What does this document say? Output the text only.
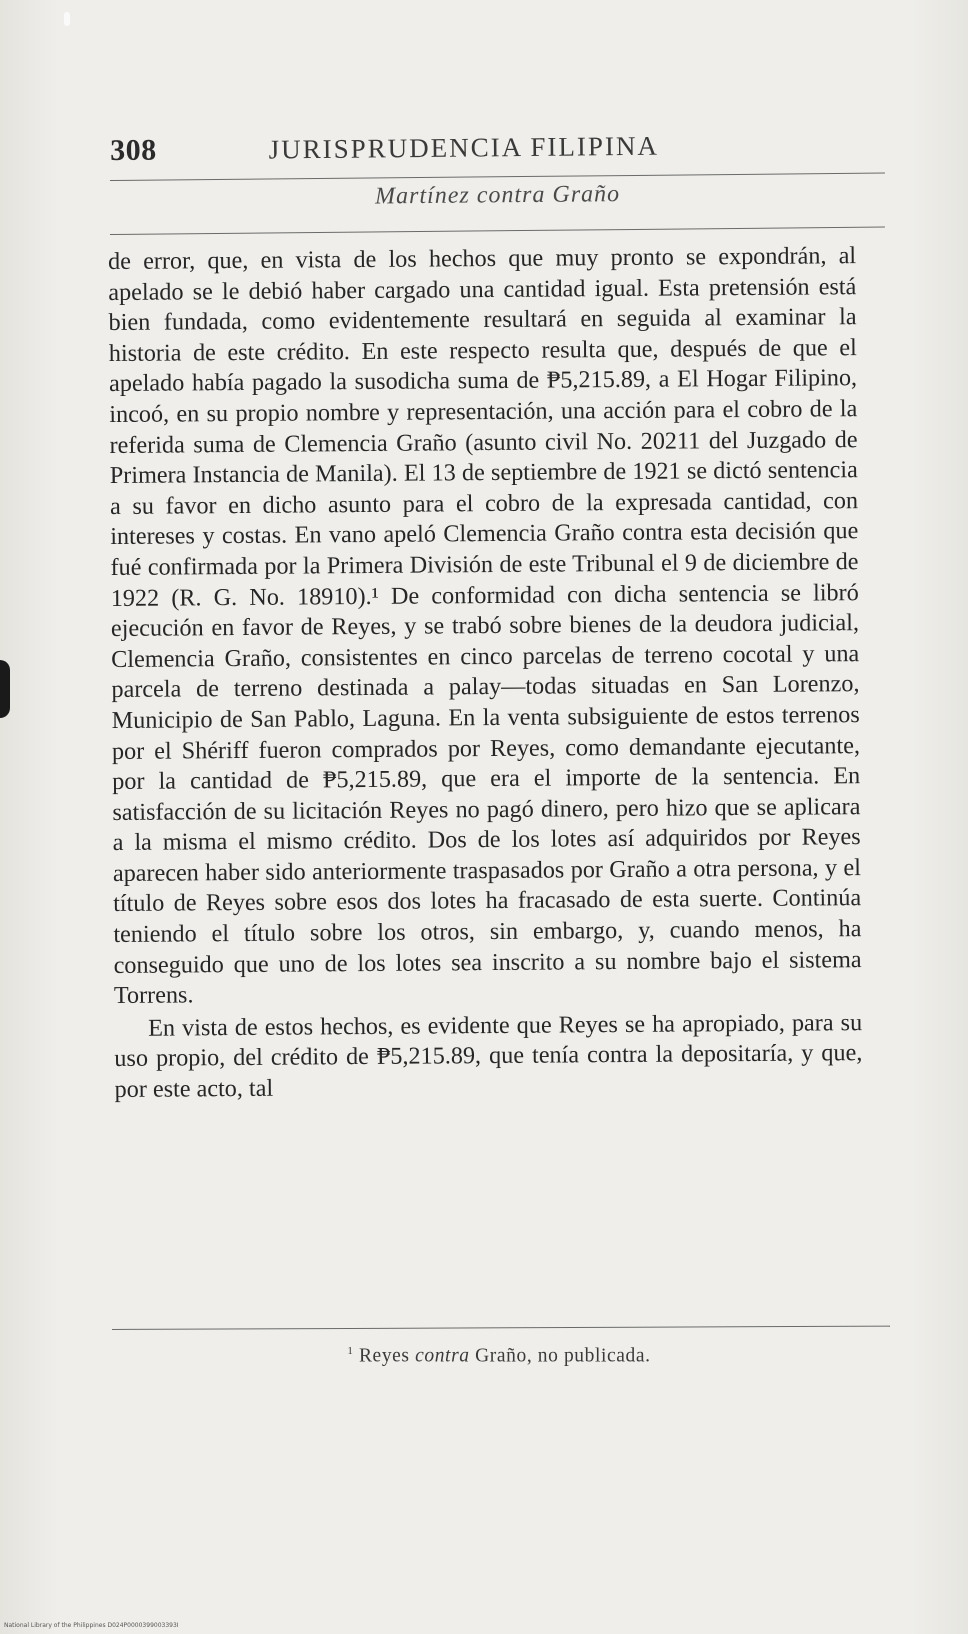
308	JURISPRUDENCIA FILIPINA
Martínez contra Graño

de error, que, en vista de los hechos que muy pronto se expondrán, al apelado se le debió haber cargado una cantidad igual. Esta pretensión está bien fundada, como evidentemente resultará en seguida al examinar la historia de este crédito. En este respecto resulta que, después de que el apelado había pagado la susodicha suma de ₱5,215.89, a El Hogar Filipino, incoó, en su propio nombre y representación, una acción para el cobro de la referida suma de Clemencia Graño (asunto civil No. 20211 del Juzgado de Primera Instancia de Manila). El 13 de septiembre de 1921 se dictó sentencia a su favor en dicho asunto para el cobro de la expresada cantidad, con intereses y costas. En vano apeló Clemencia Graño contra esta decisión que fué confirmada por la Primera División de este Tribunal el 9 de diciembre de 1922 (R. G. No. 18910).¹ De conformidad con dicha sentencia se libró ejecución en favor de Reyes, y se trabó sobre bienes de la deudora judicial, Clemencia Graño, consistentes en cinco parcelas de terreno cocotal y una parcela de terreno destinada a palay—todas situadas en San Lorenzo, Municipio de San Pablo, Laguna. En la venta subsiguiente de estos terrenos por el Shériff fueron comprados por Reyes, como demandante ejecutante, por la cantidad de ₱5,215.89, que era el importe de la sentencia. En satisfacción de su licitación Reyes no pagó dinero, pero hizo que se aplicara a la misma el mismo crédito. Dos de los lotes así adquiridos por Reyes aparecen haber sido anteriormente traspasados por Graño a otra persona, y el título de Reyes sobre esos dos lotes ha fracasado de esta suerte. Continúa teniendo el título sobre los otros, sin embargo, y, cuando menos, ha conseguido que uno de los lotes sea inscrito a su nombre bajo el sistema Torrens.

En vista de estos hechos, es evidente que Reyes se ha apropiado, para su uso propio, del crédito de ₱5,215.89, que tenía contra la depositaría, y que, por este acto, tal

$^1$ Reyes contra Graño, no publicada.
National Library of the Philippines D024P0000399003393I
